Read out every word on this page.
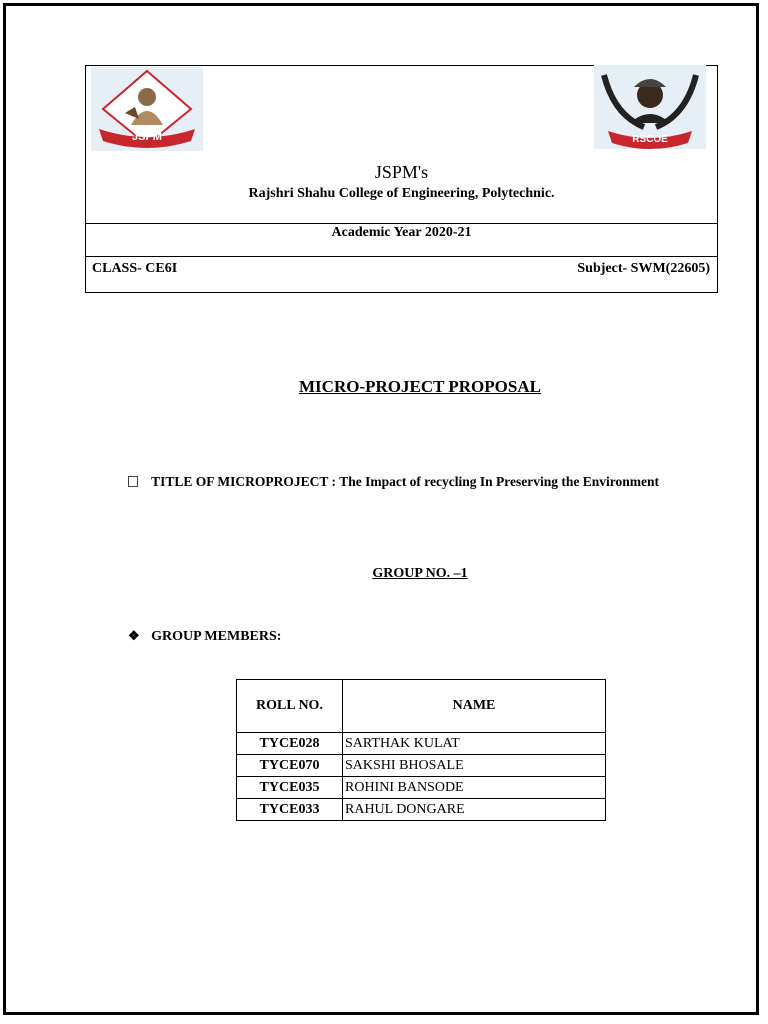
JSPM	RSCOE
JSPM's
Rajshri Shahu College of Engineering, Polytechnic.
Academic Year 2020-21
CLASS- CE6I	Subject- SWM(22605)
MICRO-PROJECT PROPOSAL
TITLE OF MICROPROJECT : The Impact of recycling In Preserving the Environment
GROUP NO. –1
❖ GROUP MEMBERS:
ROLL NO.	NAME
TYCE028	SARTHAK KULAT
TYCE070	SAKSHI BHOSALE
TYCE035	ROHINI BANSODE
TYCE033	RAHUL DONGARE
